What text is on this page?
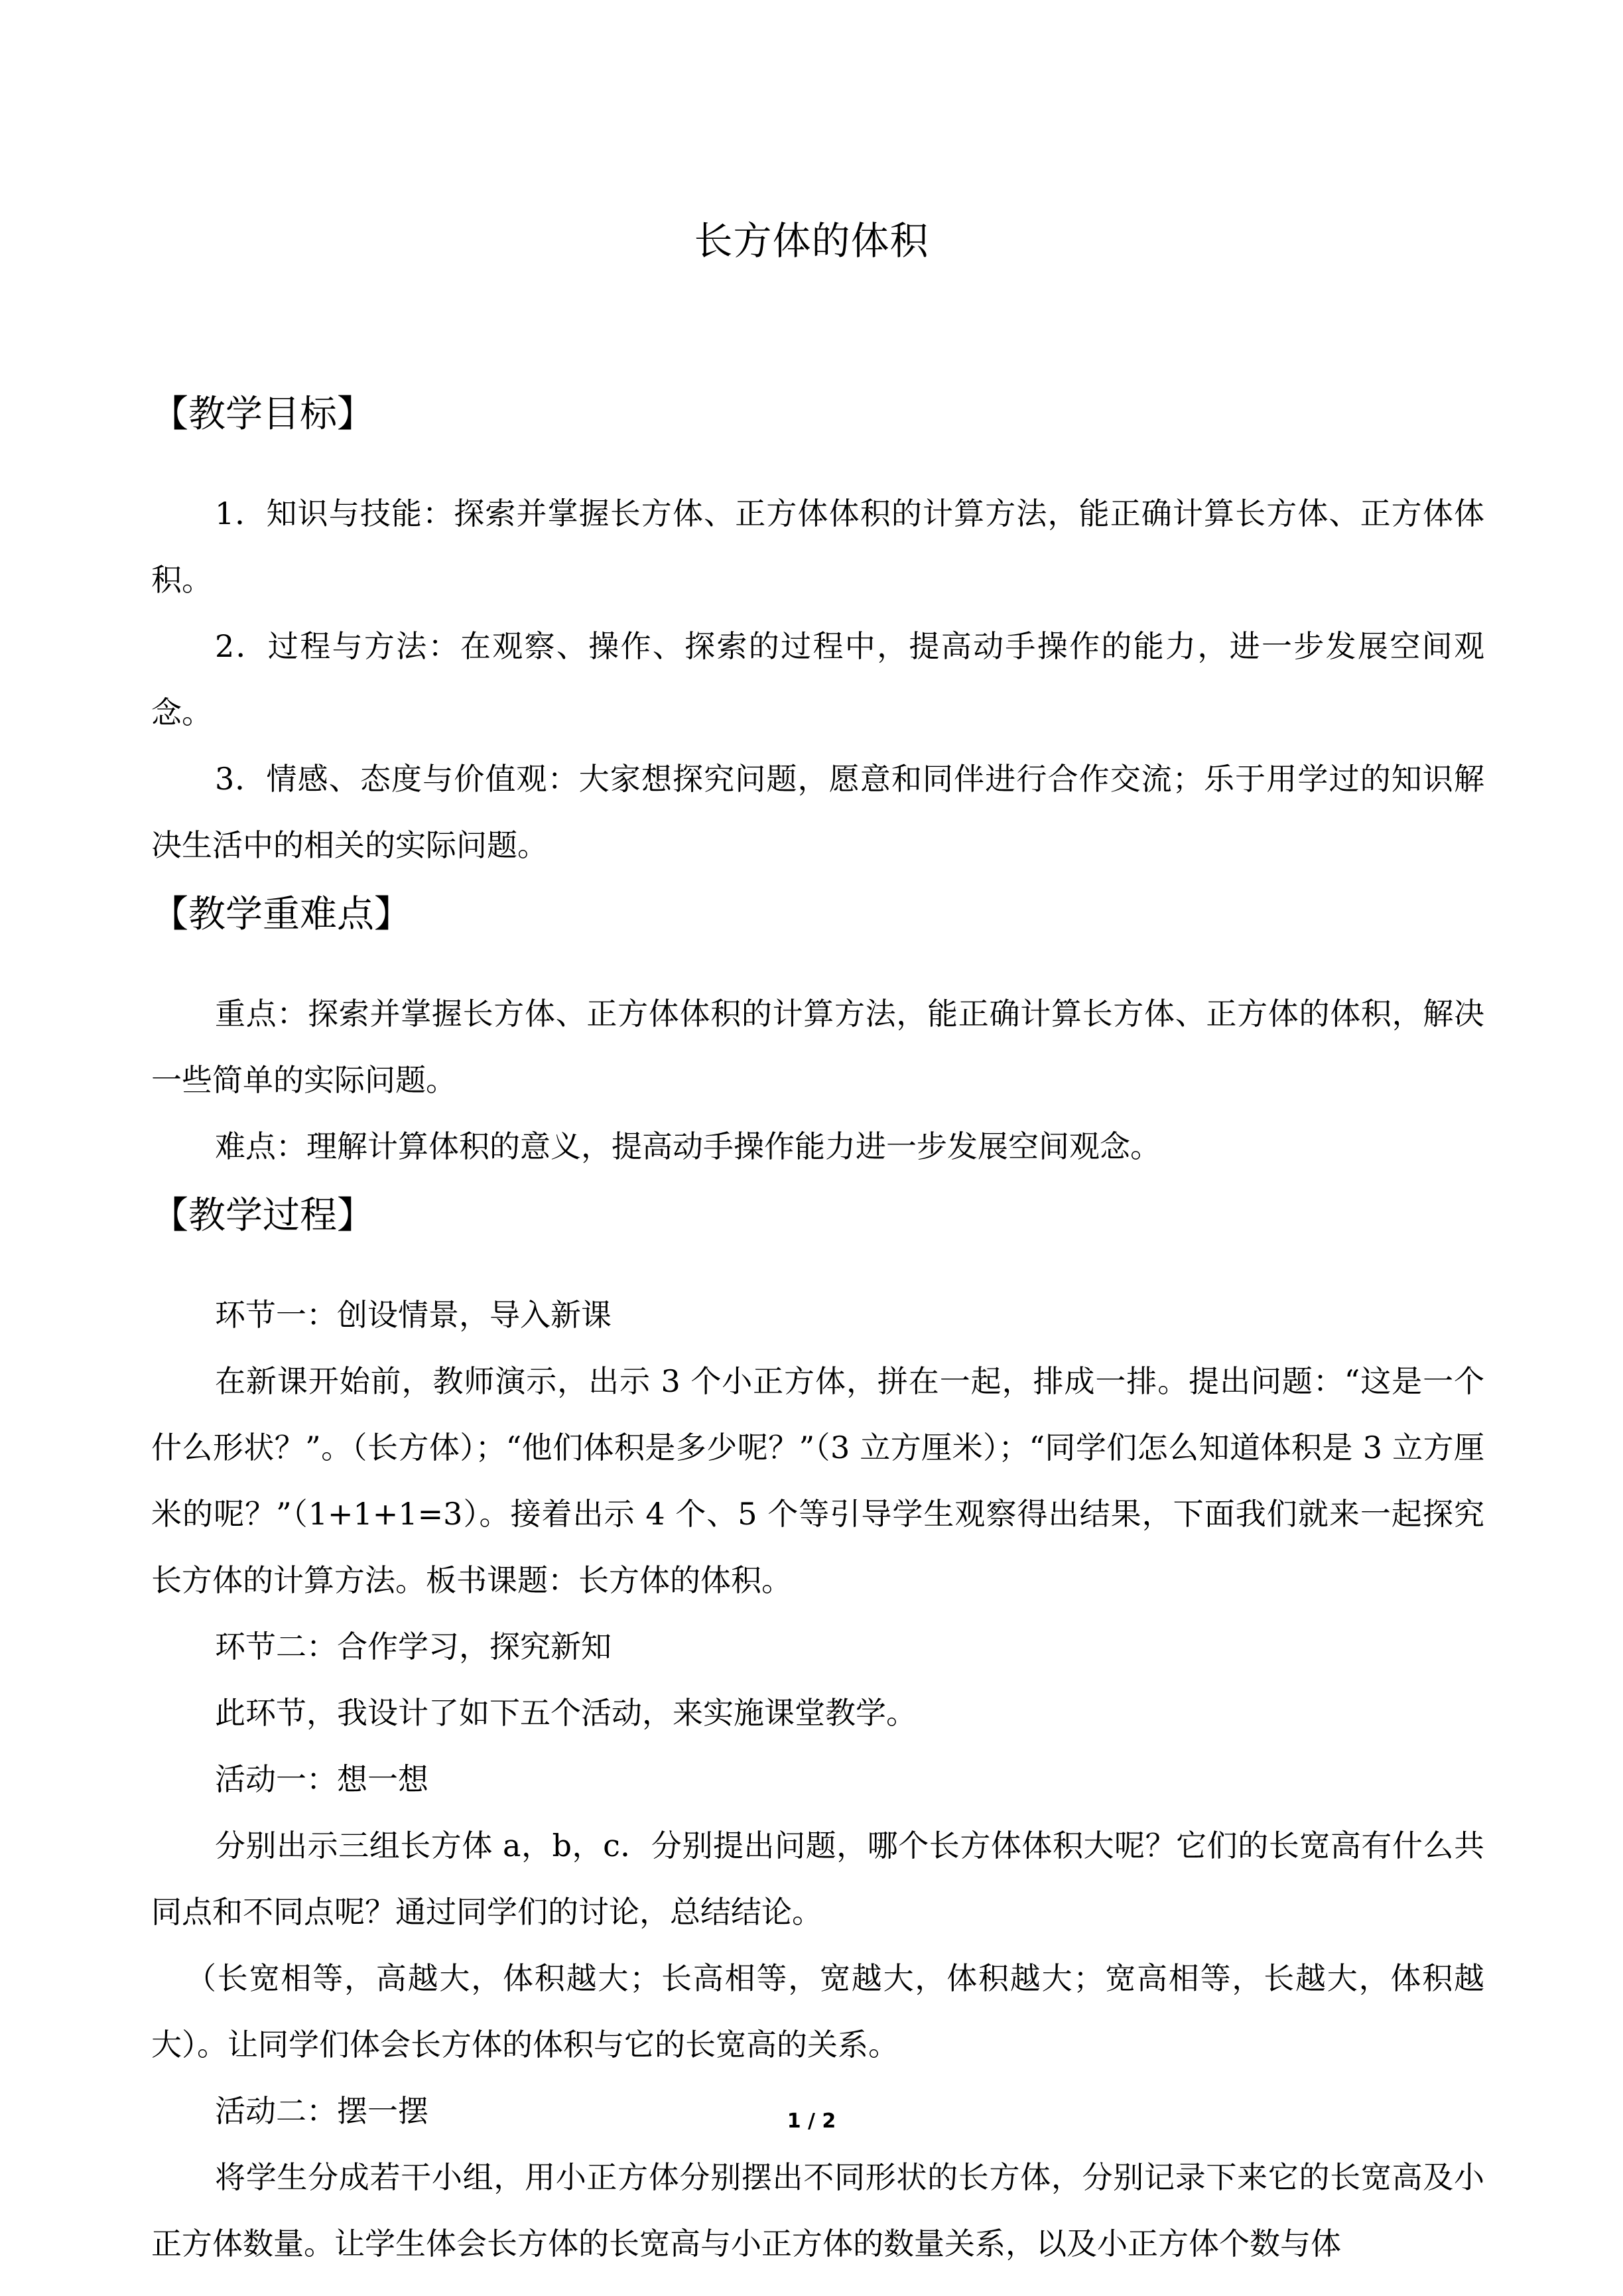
长方体的体积
【教学目标】

1．知识与技能：探索并掌握长方体、正方体体积的计算方法，能正确计算长方体、正方体体积。

2．过程与方法：在观察、操作、探索的过程中，提高动手操作的能力，进一步发展空间观念。

3．情感、态度与价值观：大家想探究问题，愿意和同伴进行合作交流；乐于用学过的知识解决生活中的相关的实际问题。

【教学重难点】

重点：探索并掌握长方体、正方体体积的计算方法，能正确计算长方体、正方体的体积，解决一些简单的实际问题。

难点：理解计算体积的意义，提高动手操作能力进一步发展空间观念。

【教学过程】

环节一：创设情景，导入新课

在新课开始前，教师演示，出示 3 个小正方体，拼在一起，排成一排。提出问题：“这是一个什么形状？”。（长方体）；“他们体积是多少呢？”（3 立方厘米）；“同学们怎么知道体积是 3 立方厘米的呢？”（1+1+1=3）。接着出示 4 个、5 个等引导学生观察得出结果，下面我们就来一起探究长方体的计算方法。板书课题：长方体的体积。

环节二：合作学习，探究新知

此环节，我设计了如下五个活动，来实施课堂教学。

活动一：想一想

分别出示三组长方体 a，b，c．分别提出问题，哪个长方体体积大呢？它们的长宽高有什么共同点和不同点呢？通过同学们的讨论，总结结论。

（长宽相等，高越大，体积越大；长高相等，宽越大，体积越大；宽高相等，长越大，体积越大）。让同学们体会长方体的体积与它的长宽高的关系。

活动二：摆一摆

将学生分成若干小组，用小正方体分别摆出不同形状的长方体，分别记录下来它的长宽高及小正方体数量。让学生体会长方体的长宽高与小正方体的数量关系，以及小正方体个数与体

1 / 2
